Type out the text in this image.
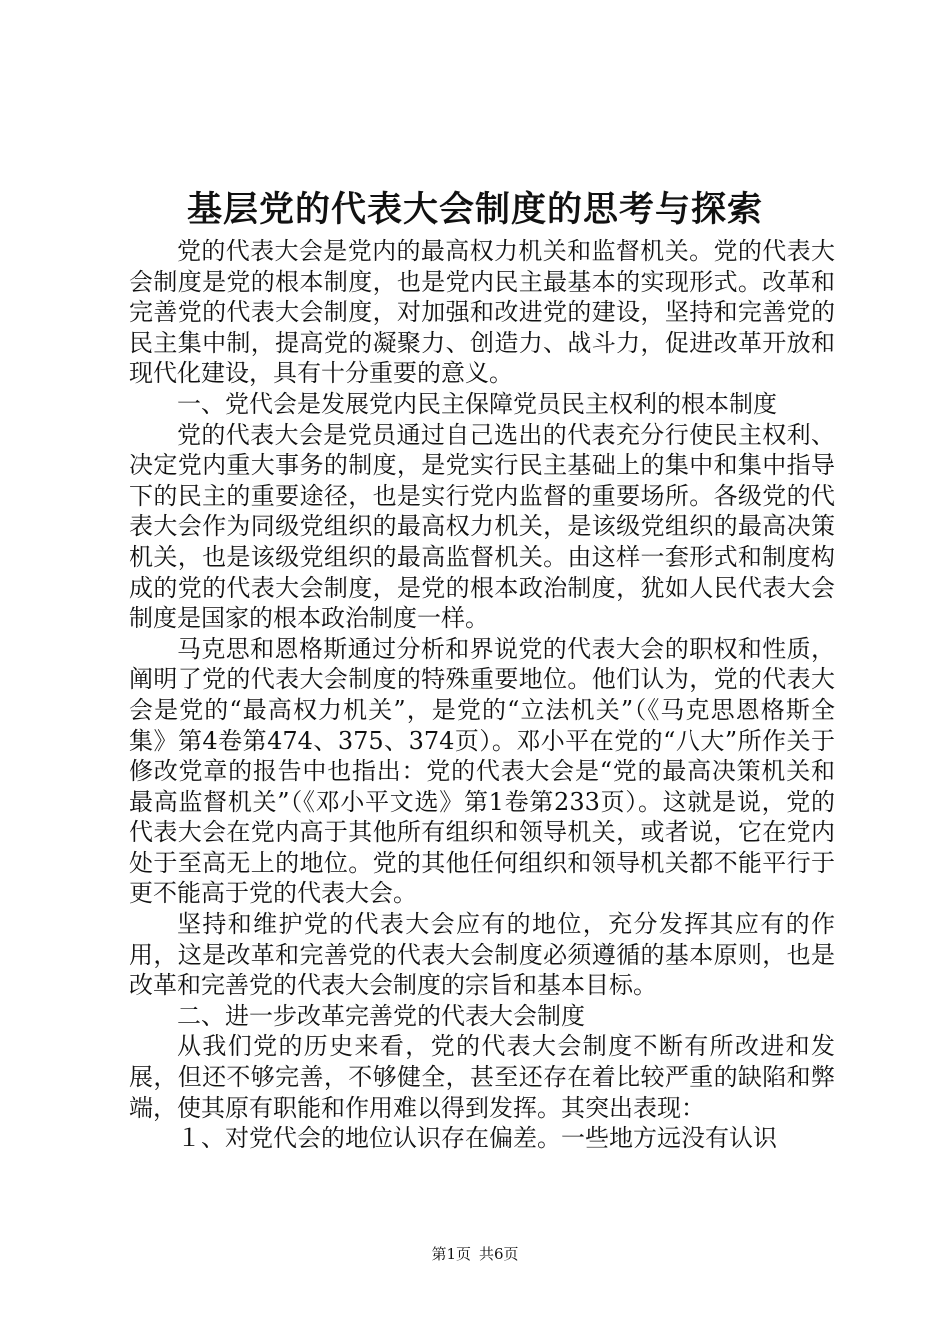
基层党的代表大会制度的思考与探索

党的代表大会是党内的最高权力机关和监督机关。党的代表大会制度是党的根本制度，也是党内民主最基本的实现形式。改革和完善党的代表大会制度，对加强和改进党的建设，坚持和完善党的民主集中制，提高党的凝聚力、创造力、战斗力，促进改革开放和现代化建设，具有十分重要的意义。

一、党代会是发展党内民主保障党员民主权利的根本制度

党的代表大会是党员通过自己选出的代表充分行使民主权利、决定党内重大事务的制度，是党实行民主基础上的集中和集中指导下的民主的重要途径，也是实行党内监督的重要场所。各级党的代表大会作为同级党组织的最高权力机关，是该级党组织的最高决策机关，也是该级党组织的最高监督机关。由这样一套形式和制度构成的党的代表大会制度，是党的根本政治制度，犹如人民代表大会制度是国家的根本政治制度一样。

马克思和恩格斯通过分析和界说党的代表大会的职权和性质，阐明了党的代表大会制度的特殊重要地位。他们认为，党的代表大会是党的“最高权力机关”，是党的“立法机关”（《马克思恩格斯全集》第4卷第474、375、374页）。邓小平在党的“八大”所作关于修改党章的报告中也指出：党的代表大会是“党的最高决策机关和最高监督机关”（《邓小平文选》第1卷第233页）。这就是说，党的代表大会在党内高于其他所有组织和领导机关，或者说，它在党内处于至高无上的地位。党的其他任何组织和领导机关都不能平行于更不能高于党的代表大会。

坚持和维护党的代表大会应有的地位，充分发挥其应有的作用，这是改革和完善党的代表大会制度必须遵循的基本原则，也是改革和完善党的代表大会制度的宗旨和基本目标。

二、进一步改革完善党的代表大会制度

从我们党的历史来看，党的代表大会制度不断有所改进和发展，但还不够完善，不够健全，甚至还存在着比较严重的缺陷和弊端，使其原有职能和作用难以得到发挥。其突出表现：

１、对党代会的地位认识存在偏差。一些地方远没有认识

第1页 共6页
